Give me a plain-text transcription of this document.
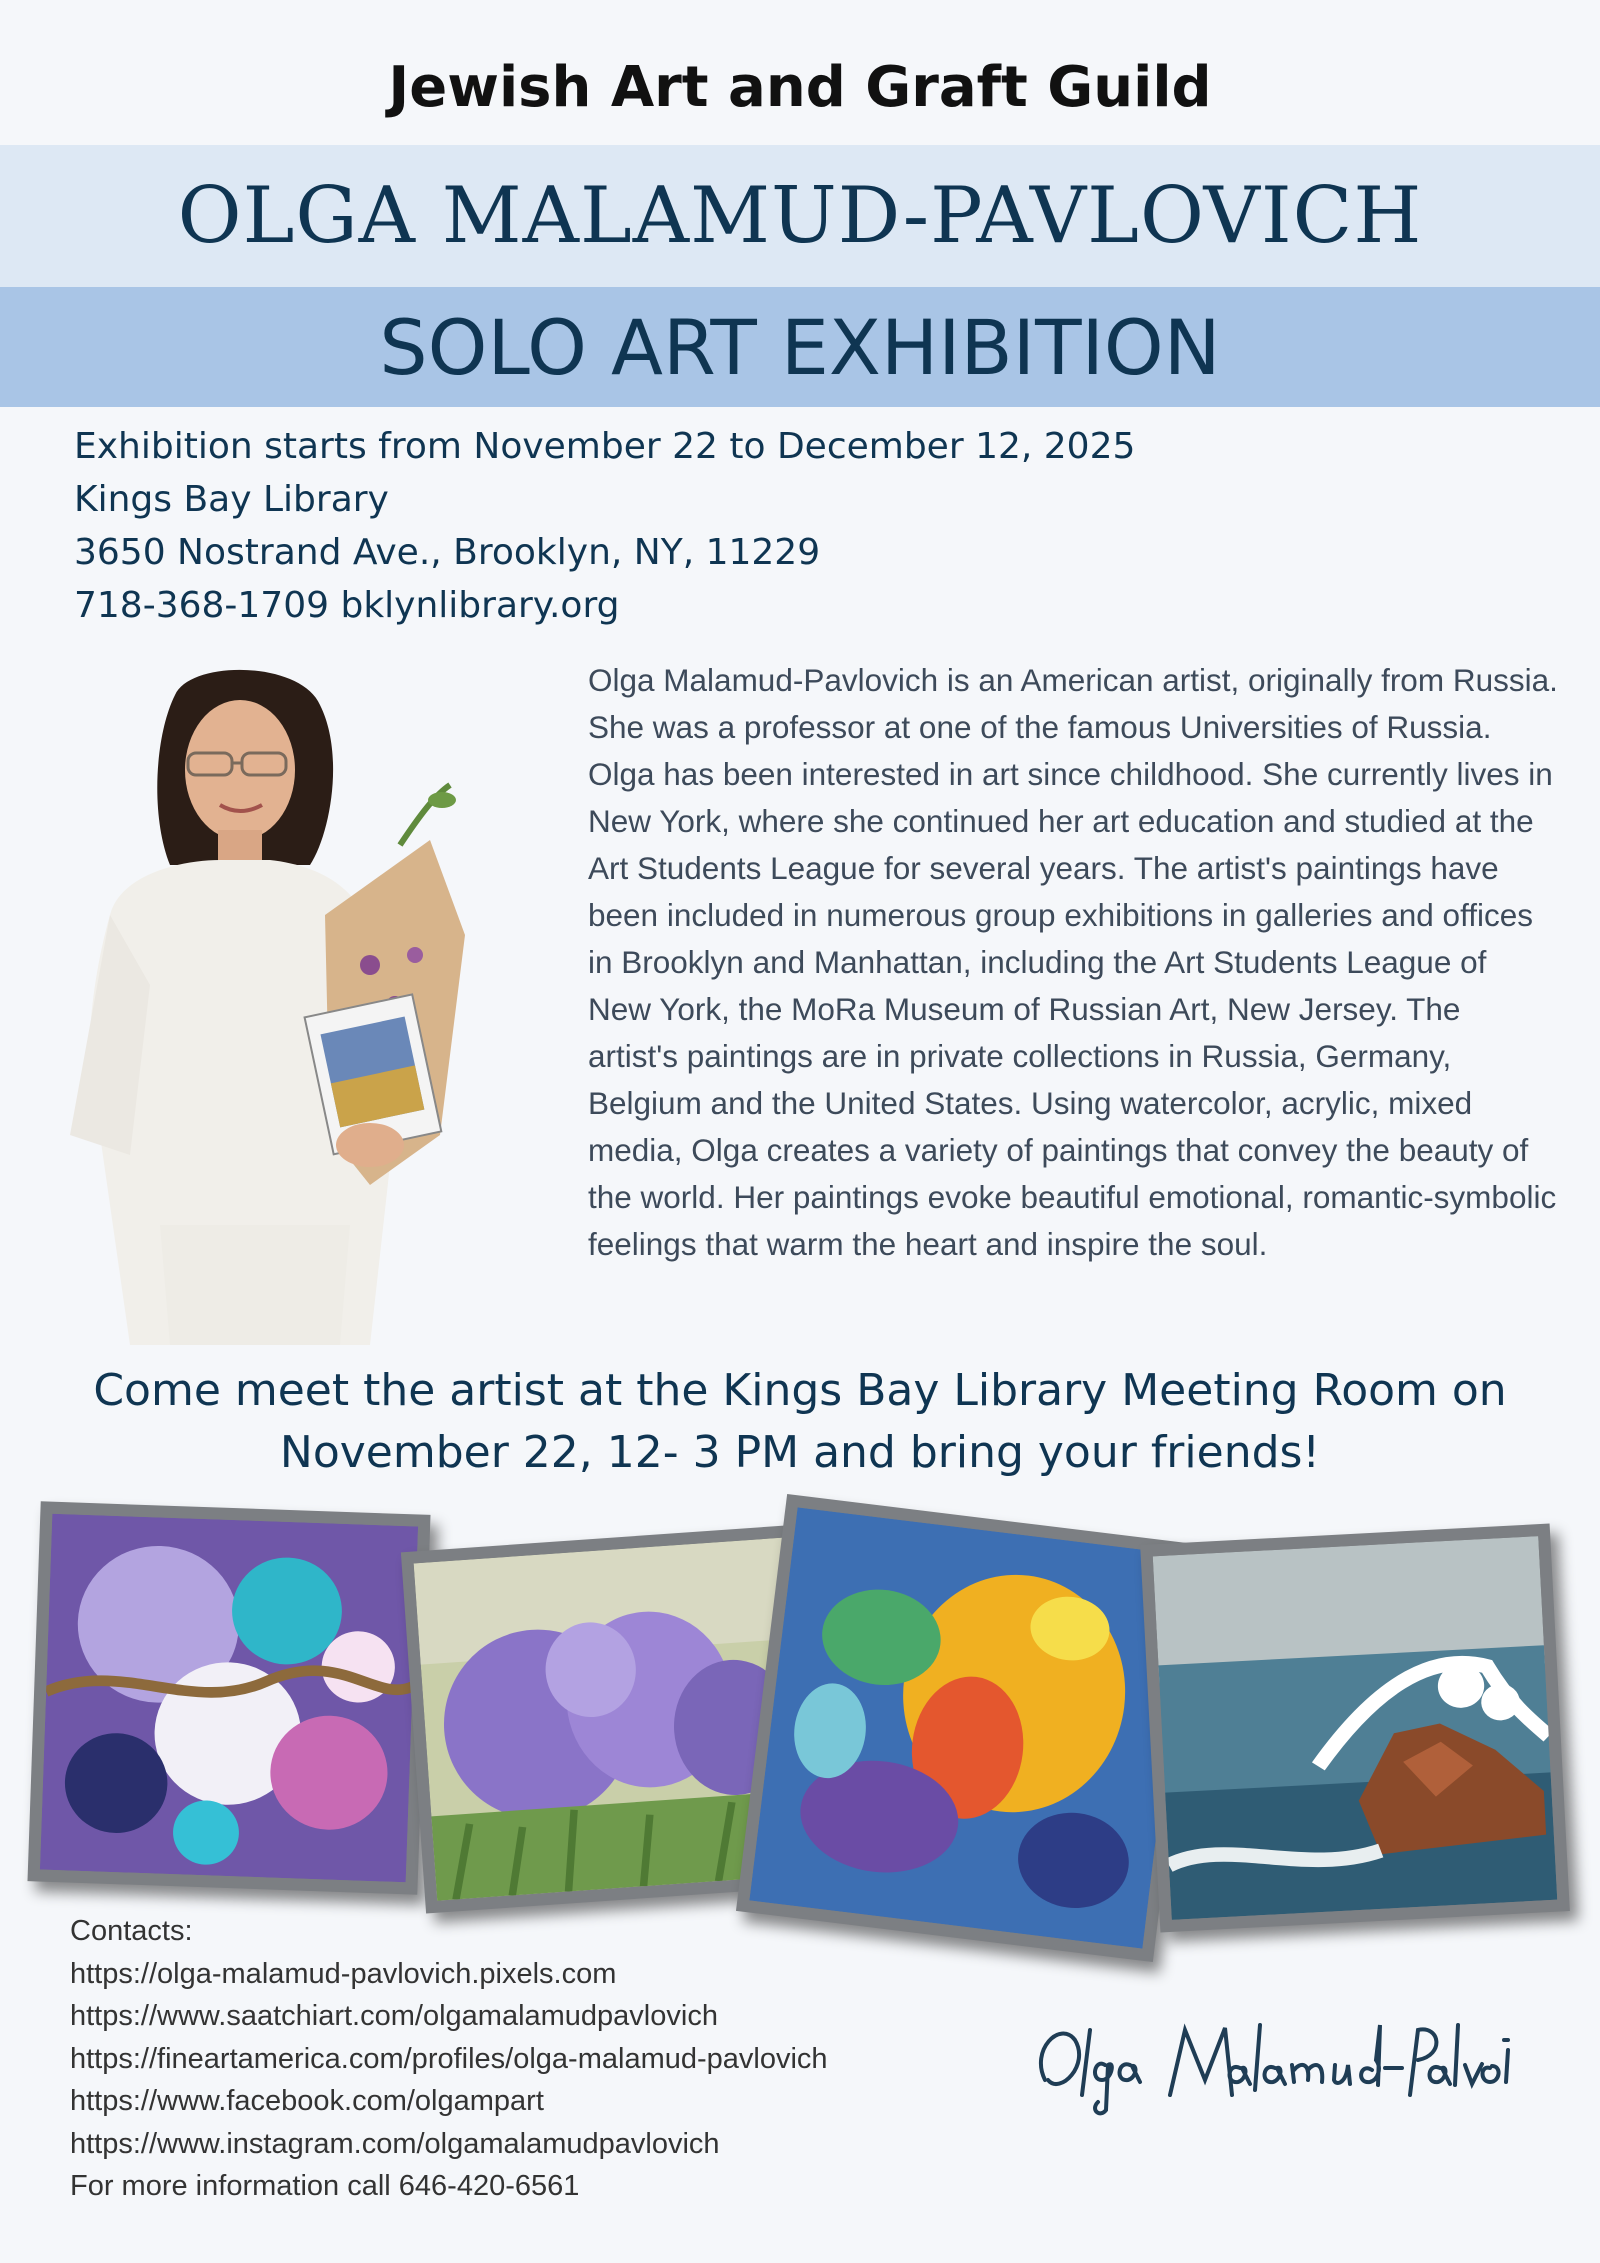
Jewish Art and Graft Guild
OLGA MALAMUD-PAVLOVICH
SOLO ART EXHIBITION
Exhibition starts from November 22 to December 12, 2025
Kings Bay Library
3650 Nostrand Ave., Brooklyn, NY, 11229
718-368-1709 bklynlibrary.org
Olga Malamud-Pavlovich is an American artist, originally from Russia. She was a professor at one of the famous Universities of Russia. Olga has been interested in art since childhood. She currently lives in New York, where she continued her art education and studied at the Art Students League for several years. The artist's paintings have been included in numerous group exhibitions in galleries and offices in Brooklyn and Manhattan, including the Art Students League of New York, the MoRa Museum of Russian Art, New Jersey. The artist's paintings are in private collections in Russia, Germany, Belgium and the United States. Using watercolor, acrylic, mixed media, Olga creates a variety of paintings that convey the beauty of the world. Her paintings evoke beautiful emotional, romantic-symbolic feelings that warm the heart and inspire the soul.
Come meet the artist at the Kings Bay Library Meeting Room on
November 22, 12- 3 PM and bring your friends!
Contacts:
https://olga-malamud-pavlovich.pixels.com
https://www.saatchiart.com/olgamalamudpavlovich
https://fineartamerica.com/profiles/olga-malamud-pavlovich
https://www.facebook.com/olgampart
https://www.instagram.com/olgamalamudpavlovich
For more information call 646-420-6561
